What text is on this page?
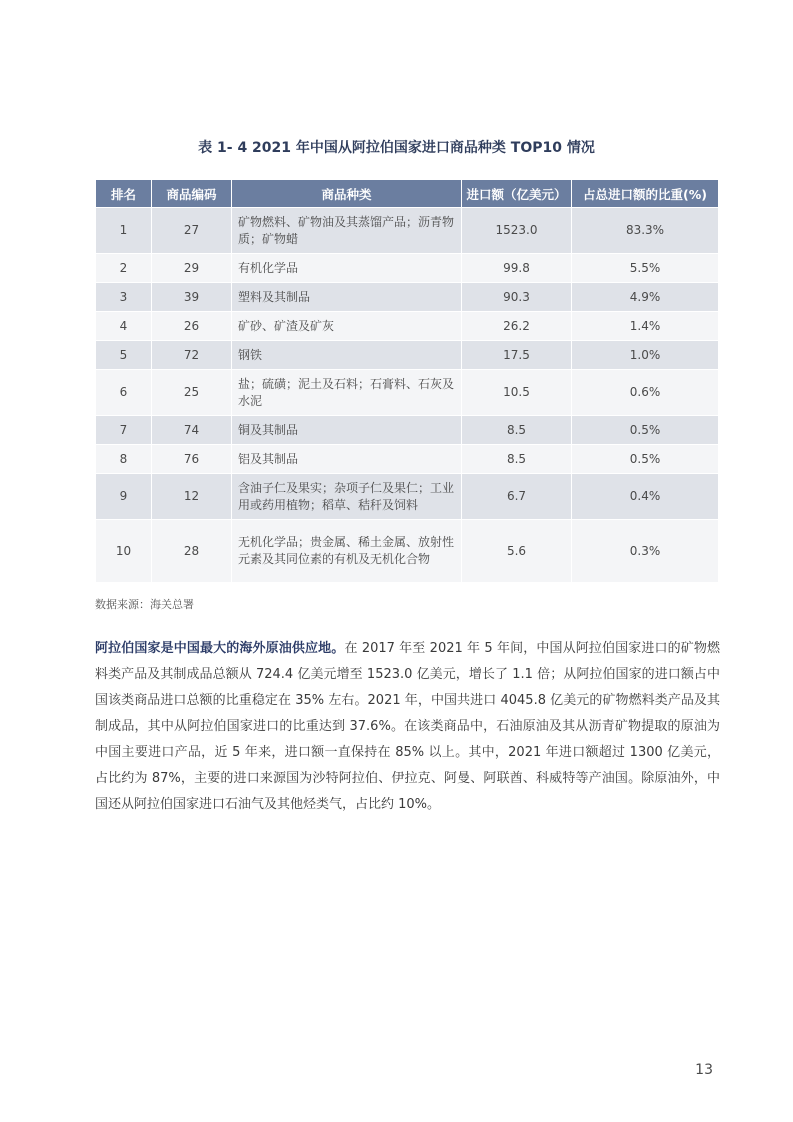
表 1- 4 2021 年中国从阿拉伯国家进口商品种类 TOP10 情况
排名	商品编码	商品种类	进口额（亿美元）	占总进口额的比重(%)
1	27	矿物燃料、矿物油及其蒸馏产品；沥青物质；矿物蜡	1523.0	83.3%
2	29	有机化学品	99.8	5.5%
3	39	塑料及其制品	90.3	4.9%
4	26	矿砂、矿渣及矿灰	26.2	1.4%
5	72	钢铁	17.5	1.0%
6	25	盐；硫磺；泥土及石料；石膏料、石灰及水泥	10.5	0.6%
7	74	铜及其制品	8.5	0.5%
8	76	铝及其制品	8.5	0.5%
9	12	含油子仁及果实；杂项子仁及果仁；工业用或药用植物；稻草、秸秆及饲料	6.7	0.4%
10	28	无机化学品；贵金属、稀土金属、放射性元素及其同位素的有机及无机化合物	5.6	0.3%
数据来源：海关总署

阿拉伯国家是中国最大的海外原油供应地。在 2017 年至 2021 年 5 年间，中国从阿拉伯国家进口的矿物燃料类产品及其制成品总额从 724.4 亿美元增至 1523.0 亿美元，增长了 1.1 倍；从阿拉伯国家的进口额占中国该类商品进口总额的比重稳定在 35% 左右。2021 年，中国共进口 4045.8 亿美元的矿物燃料类产品及其制成品，其中从阿拉伯国家进口的比重达到 37.6%。在该类商品中，石油原油及其从沥青矿物提取的原油为中国主要进口产品，近 5 年来，进口额一直保持在 85% 以上。其中，2021 年进口额超过 1300 亿美元，占比约为 87%，主要的进口来源国为沙特阿拉伯、伊拉克、阿曼、阿联酋、科威特等产油国。除原油外，中国还从阿拉伯国家进口石油气及其他烃类气，占比约 10%。

13
